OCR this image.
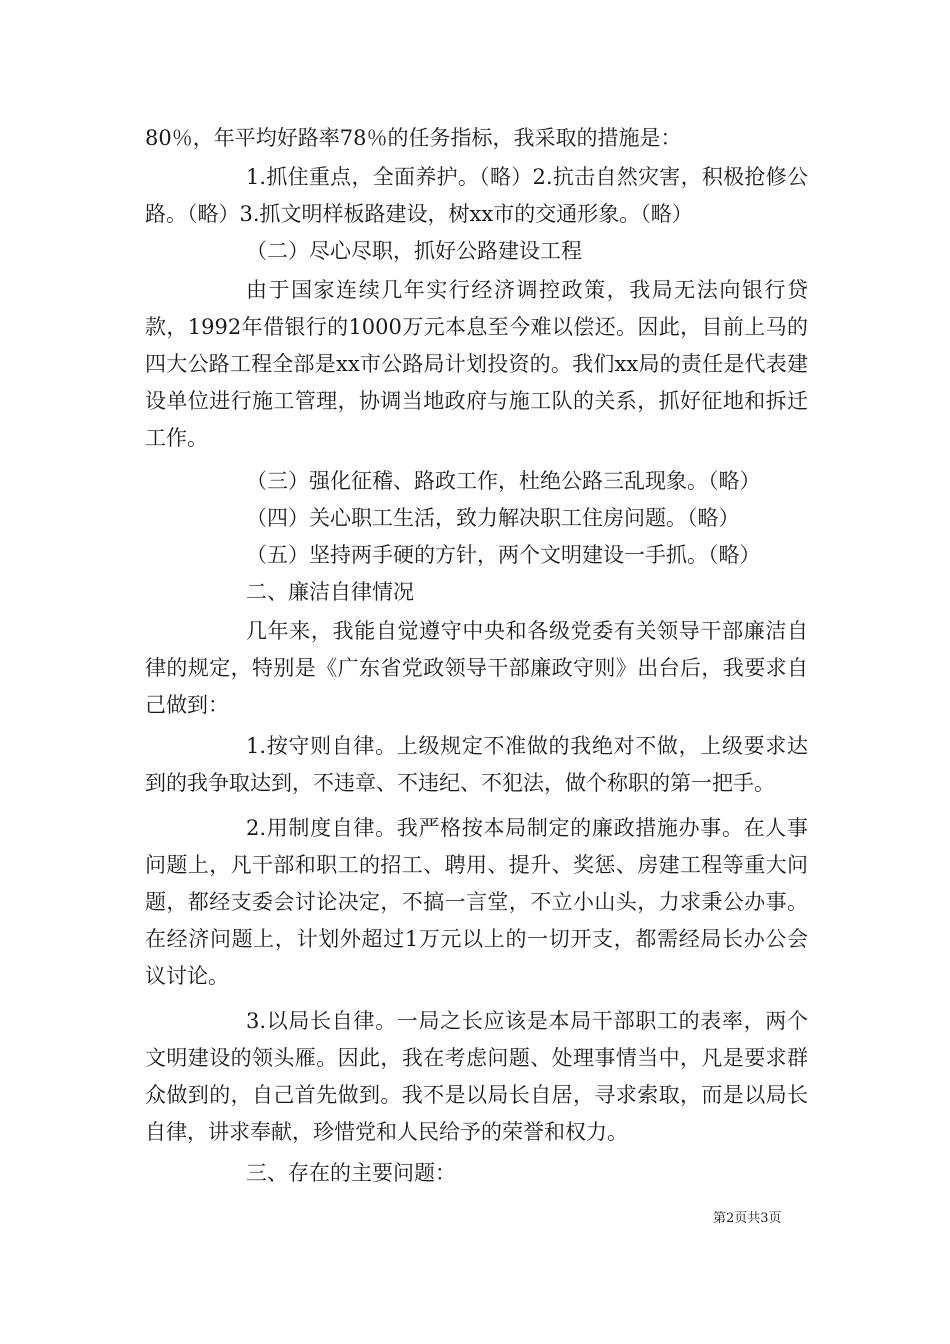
80％，年平均好路率78％的任务指标，我采取的措施是：

1.抓住重点，全面养护。（略）2.抗击自然灾害，积极抢修公路。（略）3.抓文明样板路建设，树xx市的交通形象。（略）

（二）尽心尽职，抓好公路建设工程

由于国家连续几年实行经济调控政策，我局无法向银行贷款，1992年借银行的1000万元本息至今难以偿还。因此，目前上马的四大公路工程全部是xx市公路局计划投资的。我们xx局的责任是代表建设单位进行施工管理，协调当地政府与施工队的关系，抓好征地和拆迁工作。

（三）强化征稽、路政工作，杜绝公路三乱现象。（略）

（四）关心职工生活，致力解决职工住房问题。（略）

（五）坚持两手硬的方针，两个文明建设一手抓。（略）

二、廉洁自律情况

几年来，我能自觉遵守中央和各级党委有关领导干部廉洁自律的规定，特别是《广东省党政领导干部廉政守则》出台后，我要求自己做到：

1.按守则自律。上级规定不准做的我绝对不做，上级要求达到的我争取达到，不违章、不违纪、不犯法，做个称职的第一把手。

2.用制度自律。我严格按本局制定的廉政措施办事。在人事问题上，凡干部和职工的招工、聘用、提升、奖惩、房建工程等重大问题，都经支委会讨论决定，不搞一言堂，不立小山头，力求秉公办事。在经济问题上，计划外超过1万元以上的一切开支，都需经局长办公会议讨论。

3.以局长自律。一局之长应该是本局干部职工的表率，两个文明建设的领头雁。因此，我在考虑问题、处理事情当中，凡是要求群众做到的，自己首先做到。我不是以局长自居，寻求索取，而是以局长自律，讲求奉献，珍惜党和人民给予的荣誉和权力。

三、存在的主要问题：

第2页共3页
